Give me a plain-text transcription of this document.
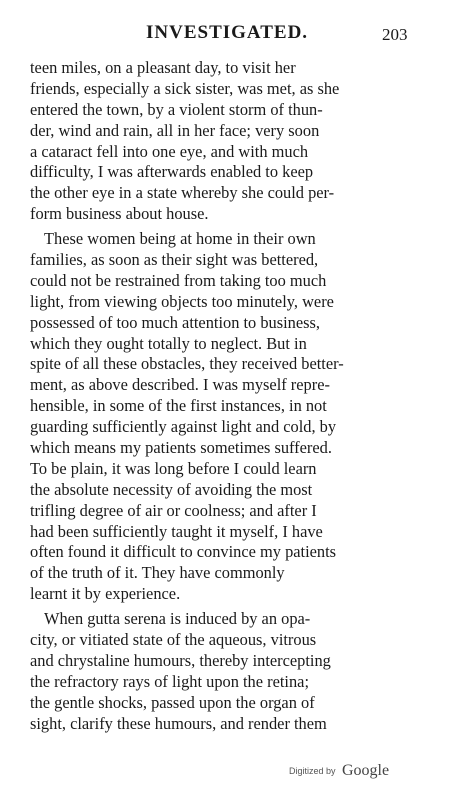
INVESTIGATED.	203
teen miles, on a pleasant day, to visit her
friends, especially a sick sister, was met, as she
entered the town, by a violent storm of thun-
der, wind and rain, all in her face; very soon
a cataract fell into one eye, and with much
difficulty, I was afterwards enabled to keep
the other eye in a state whereby she could per-
form business about house.
These women being at home in their own
families, as soon as their sight was bettered,
could not be restrained from taking too much
light, from viewing objects too minutely, were
possessed of too much attention to business,
which they ought totally to neglect. But in
spite of all these obstacles, they received better-
ment, as above described. I was myself repre-
hensible, in some of the first instances, in not
guarding sufficiently against light and cold, by
which means my patients sometimes suffered.
To be plain, it was long before I could learn
the absolute necessity of avoiding the most
trifling degree of air or coolness; and after I
had been sufficiently taught it myself, I have
often found it difficult to convince my patients
of the truth of it. They have commonly
learnt it by experience.
When gutta serena is induced by an opa-
city, or vitiated state of the aqueous, vitrous
and chrystaline humours, thereby intercepting
the refractory rays of light upon the retina;
the gentle shocks, passed upon the organ of
sight, clarify these humours, and render them
Digitized by Google
